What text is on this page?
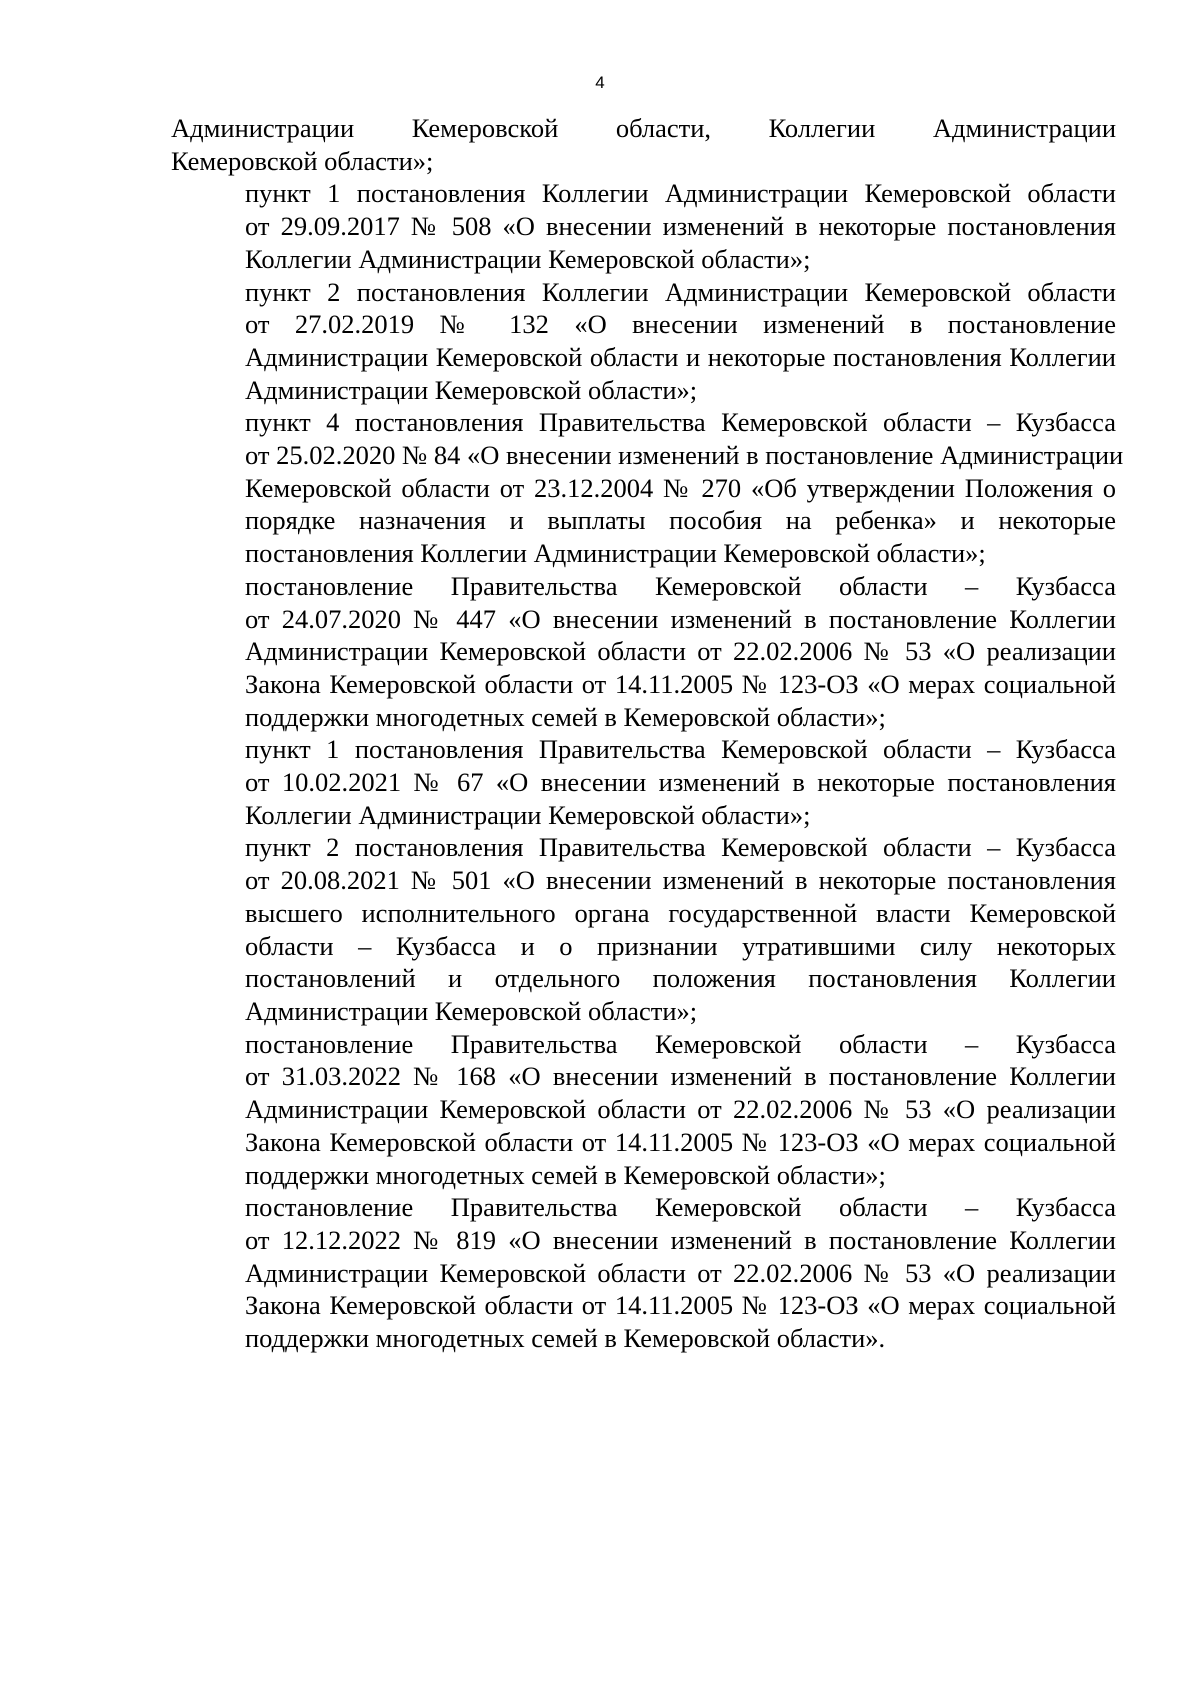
4

Администрации Кемеровской области, Коллегии Администрации
Кемеровской области»;

пункт 1 постановления Коллегии Администрации Кемеровской области
от 29.09.2017 № 508 «О внесении изменений в некоторые постановления
Коллегии Администрации Кемеровской области»;

пункт 2 постановления Коллегии Администрации Кемеровской области
от 27.02.2019 № 132 «О внесении изменений в постановление
Администрации Кемеровской области и некоторые постановления Коллегии
Администрации Кемеровской области»;

пункт 4 постановления Правительства Кемеровской области – Кузбасса
от 25.02.2020 № 84 «О внесении изменений в постановление Администрации
Кемеровской области от 23.12.2004 № 270 «Об утверждении Положения о
порядке назначения и выплаты пособия на ребенка» и некоторые
постановления Коллегии Администрации Кемеровской области»;

постановление Правительства Кемеровской области – Кузбасса
от 24.07.2020 № 447 «О внесении изменений в постановление Коллегии
Администрации Кемеровской области от 22.02.2006 № 53 «О реализации
Закона Кемеровской области от 14.11.2005 № 123-ОЗ «О мерах социальной
поддержки многодетных семей в Кемеровской области»;

пункт 1 постановления Правительства Кемеровской области – Кузбасса
от 10.02.2021 № 67 «О внесении изменений в некоторые постановления
Коллегии Администрации Кемеровской области»;

пункт 2 постановления Правительства Кемеровской области – Кузбасса
от 20.08.2021 № 501 «О внесении изменений в некоторые постановления
высшего исполнительного органа государственной власти Кемеровской
области – Кузбасса и о признании утратившими силу некоторых
постановлений и отдельного положения постановления Коллегии
Администрации Кемеровской области»;

постановление Правительства Кемеровской области – Кузбасса
от 31.03.2022 № 168 «О внесении изменений в постановление Коллегии
Администрации Кемеровской области от 22.02.2006 № 53 «О реализации
Закона Кемеровской области от 14.11.2005 № 123-ОЗ «О мерах социальной
поддержки многодетных семей в Кемеровской области»;

постановление Правительства Кемеровской области – Кузбасса
от 12.12.2022 № 819 «О внесении изменений в постановление Коллегии
Администрации Кемеровской области от 22.02.2006 № 53 «О реализации
Закона Кемеровской области от 14.11.2005 № 123-ОЗ «О мерах социальной
поддержки многодетных семей в Кемеровской области».
